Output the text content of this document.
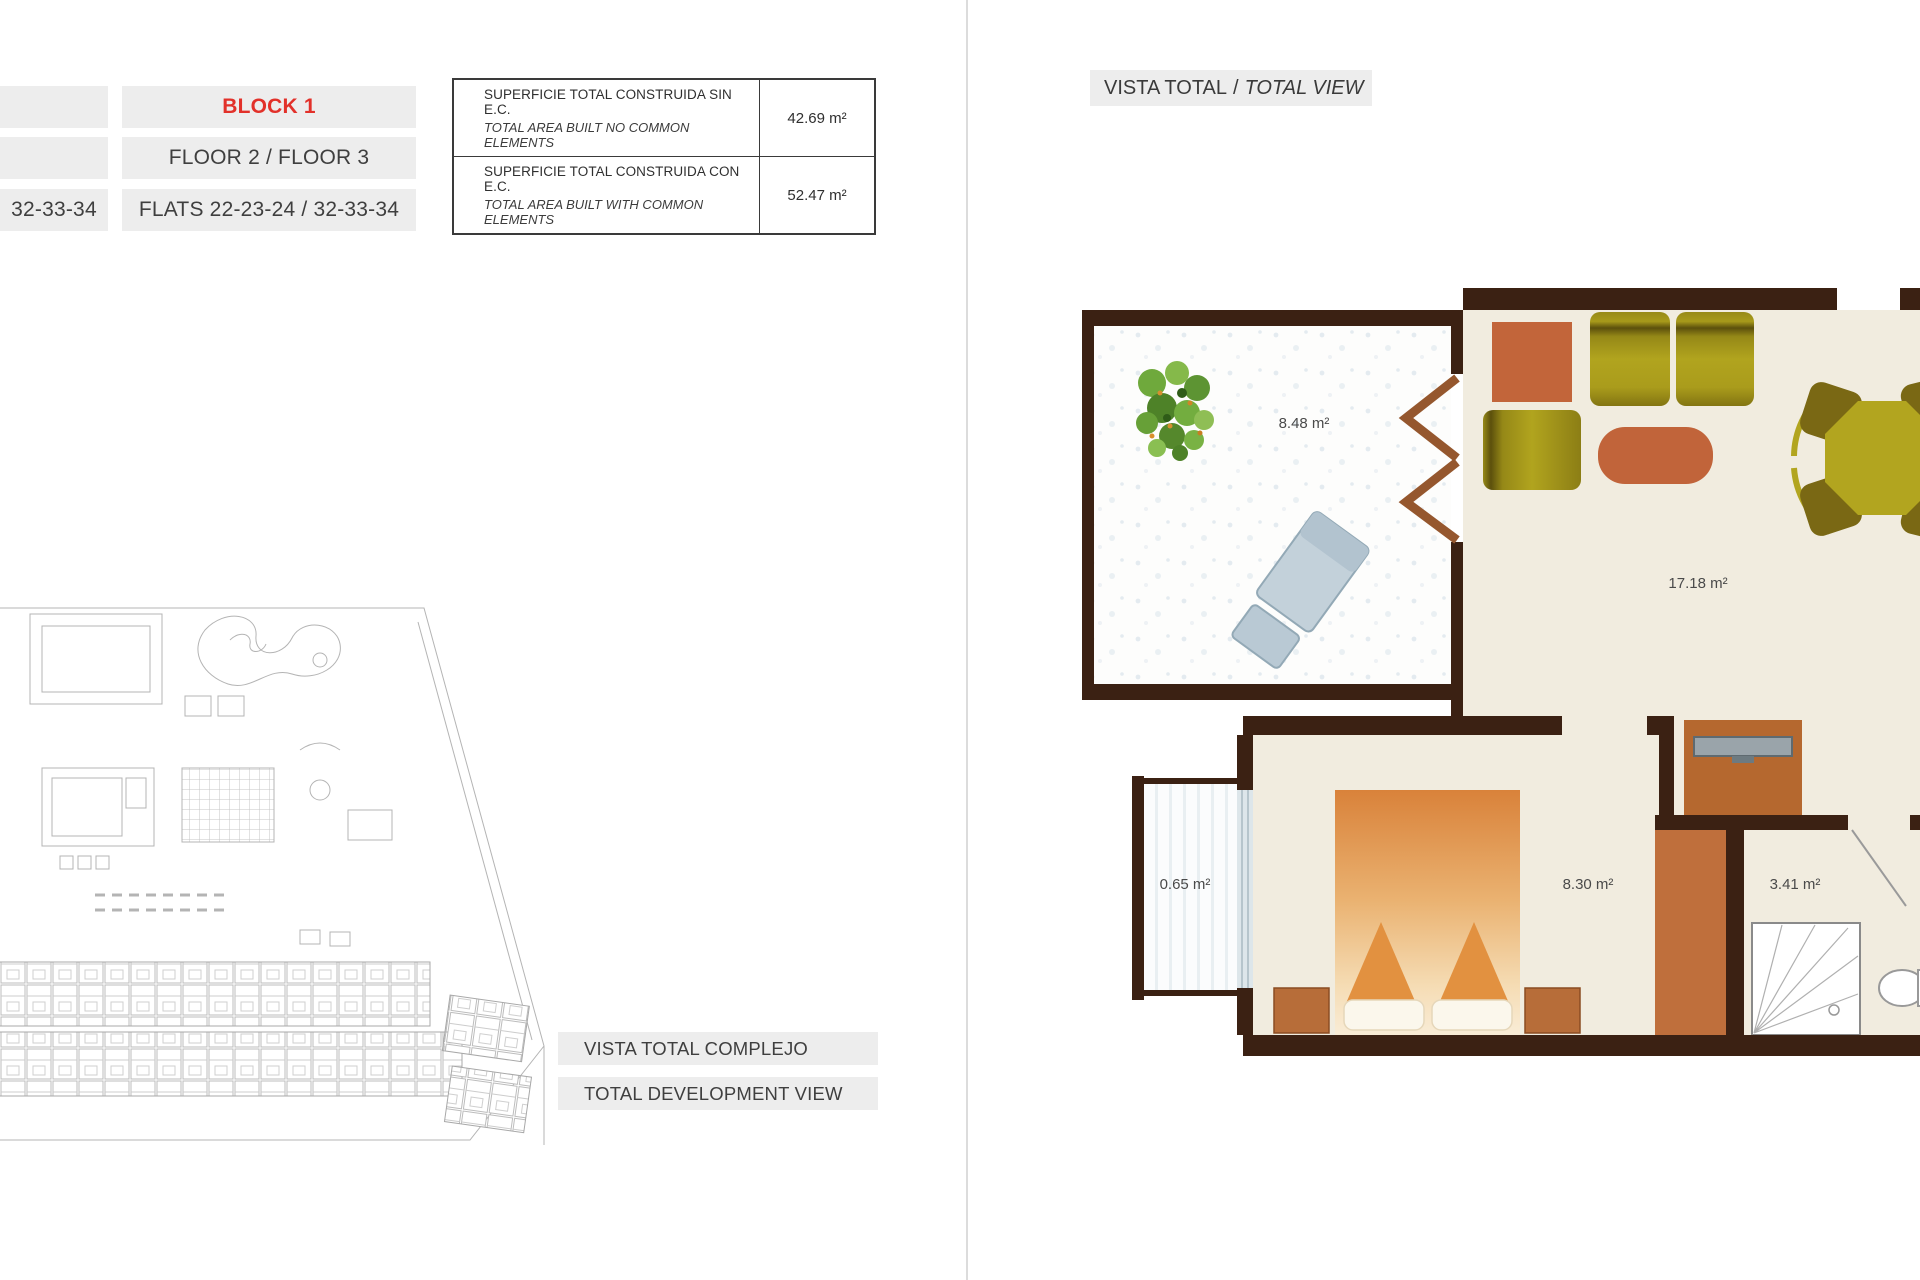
32-33-34
BLOCK 1
FLOOR 2 / FLOOR 3
FLATS 22-23-24 / 32-33-34
SUPERFICIE TOTAL CONSTRUIDA SIN E.C.
TOTAL AREA BUILT NO COMMON ELEMENTS
42.69 m²
SUPERFICIE TOTAL CONSTRUIDA CON E.C.
TOTAL AREA BUILT WITH COMMON ELEMENTS
52.47 m²
VISTA TOTAL / TOTAL VIEW
VISTA TOTAL COMPLEJO
TOTAL DEVELOPMENT VIEW
8.48 m²
17.18 m²
0.65 m²	8.30 m²	3.41 m²
